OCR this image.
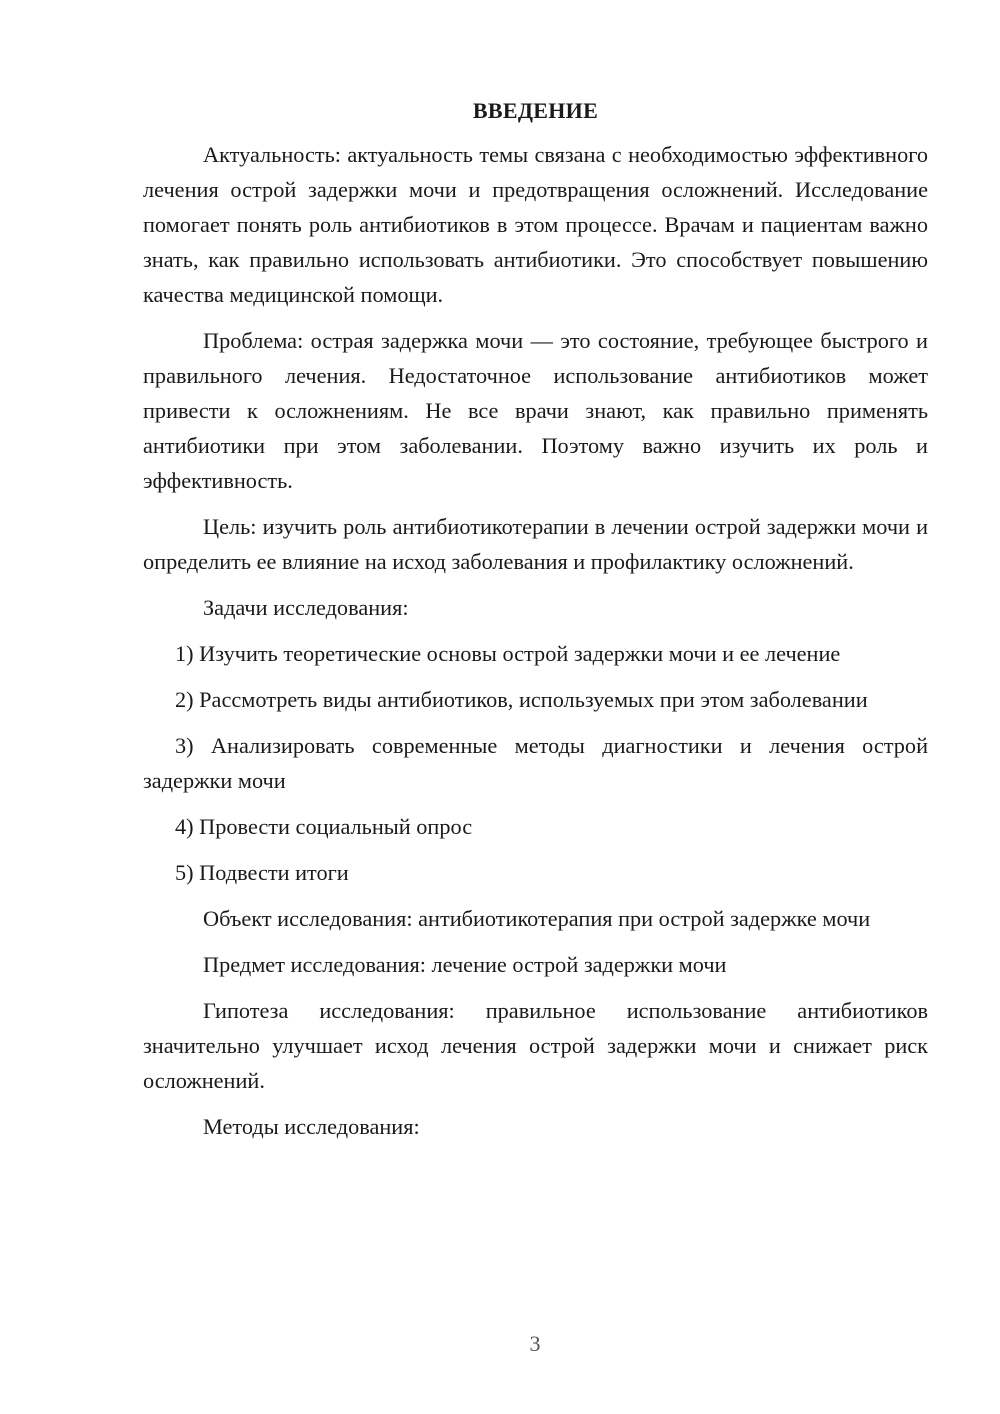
ВВЕДЕНИЕ

Актуальность: актуальность темы связана с необходимостью эффективного лечения острой задержки мочи и предотвращения осложнений. Исследование помогает понять роль антибиотиков в этом процессе. Врачам и пациентам важно знать, как правильно использовать антибиотики. Это способствует повышению качества медицинской помощи.

Проблема: острая задержка мочи — это состояние, требующее быстрого и правильного лечения. Недостаточное использование антибиотиков может привести к осложнениям. Не все врачи знают, как правильно применять антибиотики при этом заболевании. Поэтому важно изучить их роль и эффективность.

Цель: изучить роль антибиотикотерапии в лечении острой задержки мочи и определить ее влияние на исход заболевания и профилактику осложнений.

Задачи исследования:

1) Изучить теоретические основы острой задержки мочи и ее лечение

2) Рассмотреть виды антибиотиков, используемых при этом заболевании

3) Анализировать современные методы диагностики и лечения острой задержки мочи

4) Провести социальный опрос

5) Подвести итоги

Объект исследования: антибиотикотерапия при острой задержке мочи

Предмет исследования: лечение острой задержки мочи

Гипотеза исследования: правильное использование антибиотиков значительно улучшает исход лечения острой задержки мочи и снижает риск осложнений.

Методы исследования:

3
